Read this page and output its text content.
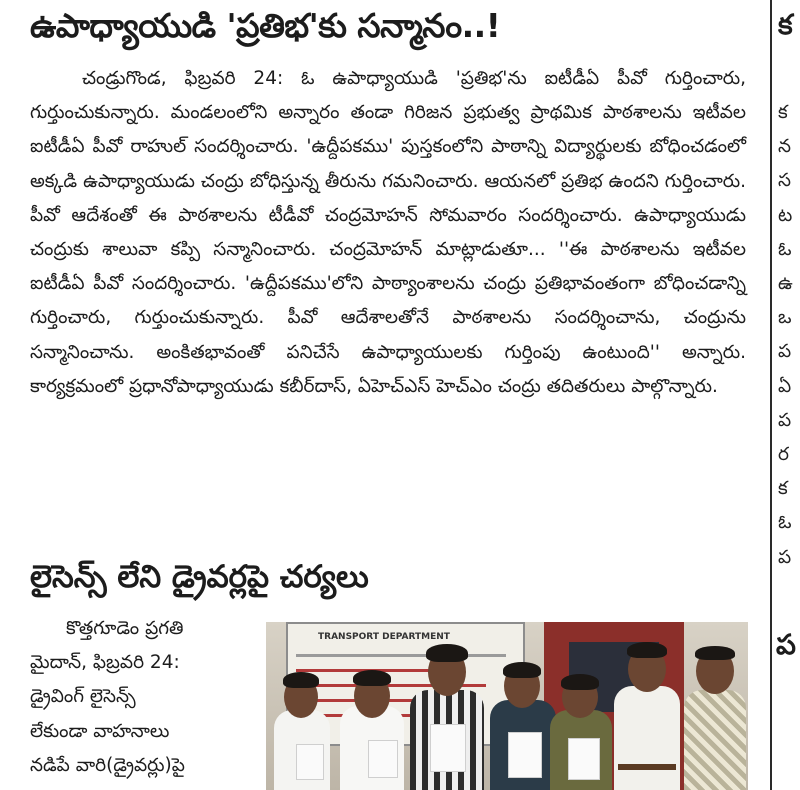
ఉపాధ్యాయుడి 'ప్రతిభ'కు సన్మానం..!
చండ్రుగొండ, ఫిబ్రవరి 24: ఓ ఉపాధ్యాయుడి 'ప్రతిభ'ను ఐటీడీఏ పీవో గుర్తించారు, గుర్తుంచుకున్నారు. మండలంలోని అన్నారం తండా గిరిజన ప్రభుత్వ ప్రాథమిక పాఠశాలను ఇటీవల ఐటీడీఏ పీవో రాహుల్ సందర్శించారు. 'ఉద్దీపకము' పుస్తకంలోని పాఠాన్ని విద్యార్థులకు బోధించడంలో అక్కడి ఉపాధ్యాయుడు చంద్రు బోధిస్తున్న తీరును గమనించారు. ఆయనలో ప్రతిభ ఉందని గుర్తించారు. పీవో ఆదేశంతో ఈ పాఠశాలను టీడీవో చంద్రమోహన్ సోమవారం సందర్శించారు. ఉపాధ్యాయుడు చంద్రుకు శాలువా కప్పి సన్మానించారు. చంద్రమోహన్ మాట్లాడుతూ... ''ఈ పాఠశాలను ఇటీవల ఐటీడీఏ పీవో సందర్శించారు. 'ఉద్దీపకము'లోని పాఠ్యాంశాలను చంద్రు ప్రతిభావంతంగా బోధించడాన్ని గుర్తించారు, గుర్తుంచుకున్నారు. పీవో ఆదేశాలతోనే పాఠశాలను సందర్శించాను, చంద్రును సన్మానించాను. అంకితభావంతో పనిచేసే ఉపాధ్యాయులకు గుర్తింపు ఉంటుంది'' అన్నారు. కార్యక్రమంలో ప్రధానోపాధ్యాయుడు కబీర్‌దాస్, ఏహెచ్ఎస్ హెచ్ఎం చంద్రు తదితరులు పాల్గొన్నారు.
లైసెన్స్ లేని డ్రైవర్లపై చర్యలు
కొత్తగూడెం ప్రగతి
మైదాన్, ఫిబ్రవరి 24:
డ్రైవింగ్ లైసెన్స్
లేకుండా వాహనాలు
నడిపే వారి(డ్రైవర్లు)పై
TRANSPORT DEPARTMENT
క
క
న
స
ట
ఓ
ఉ
ఒ
ప
ఏ
ప
ర
క
ఓ
ప
ప
